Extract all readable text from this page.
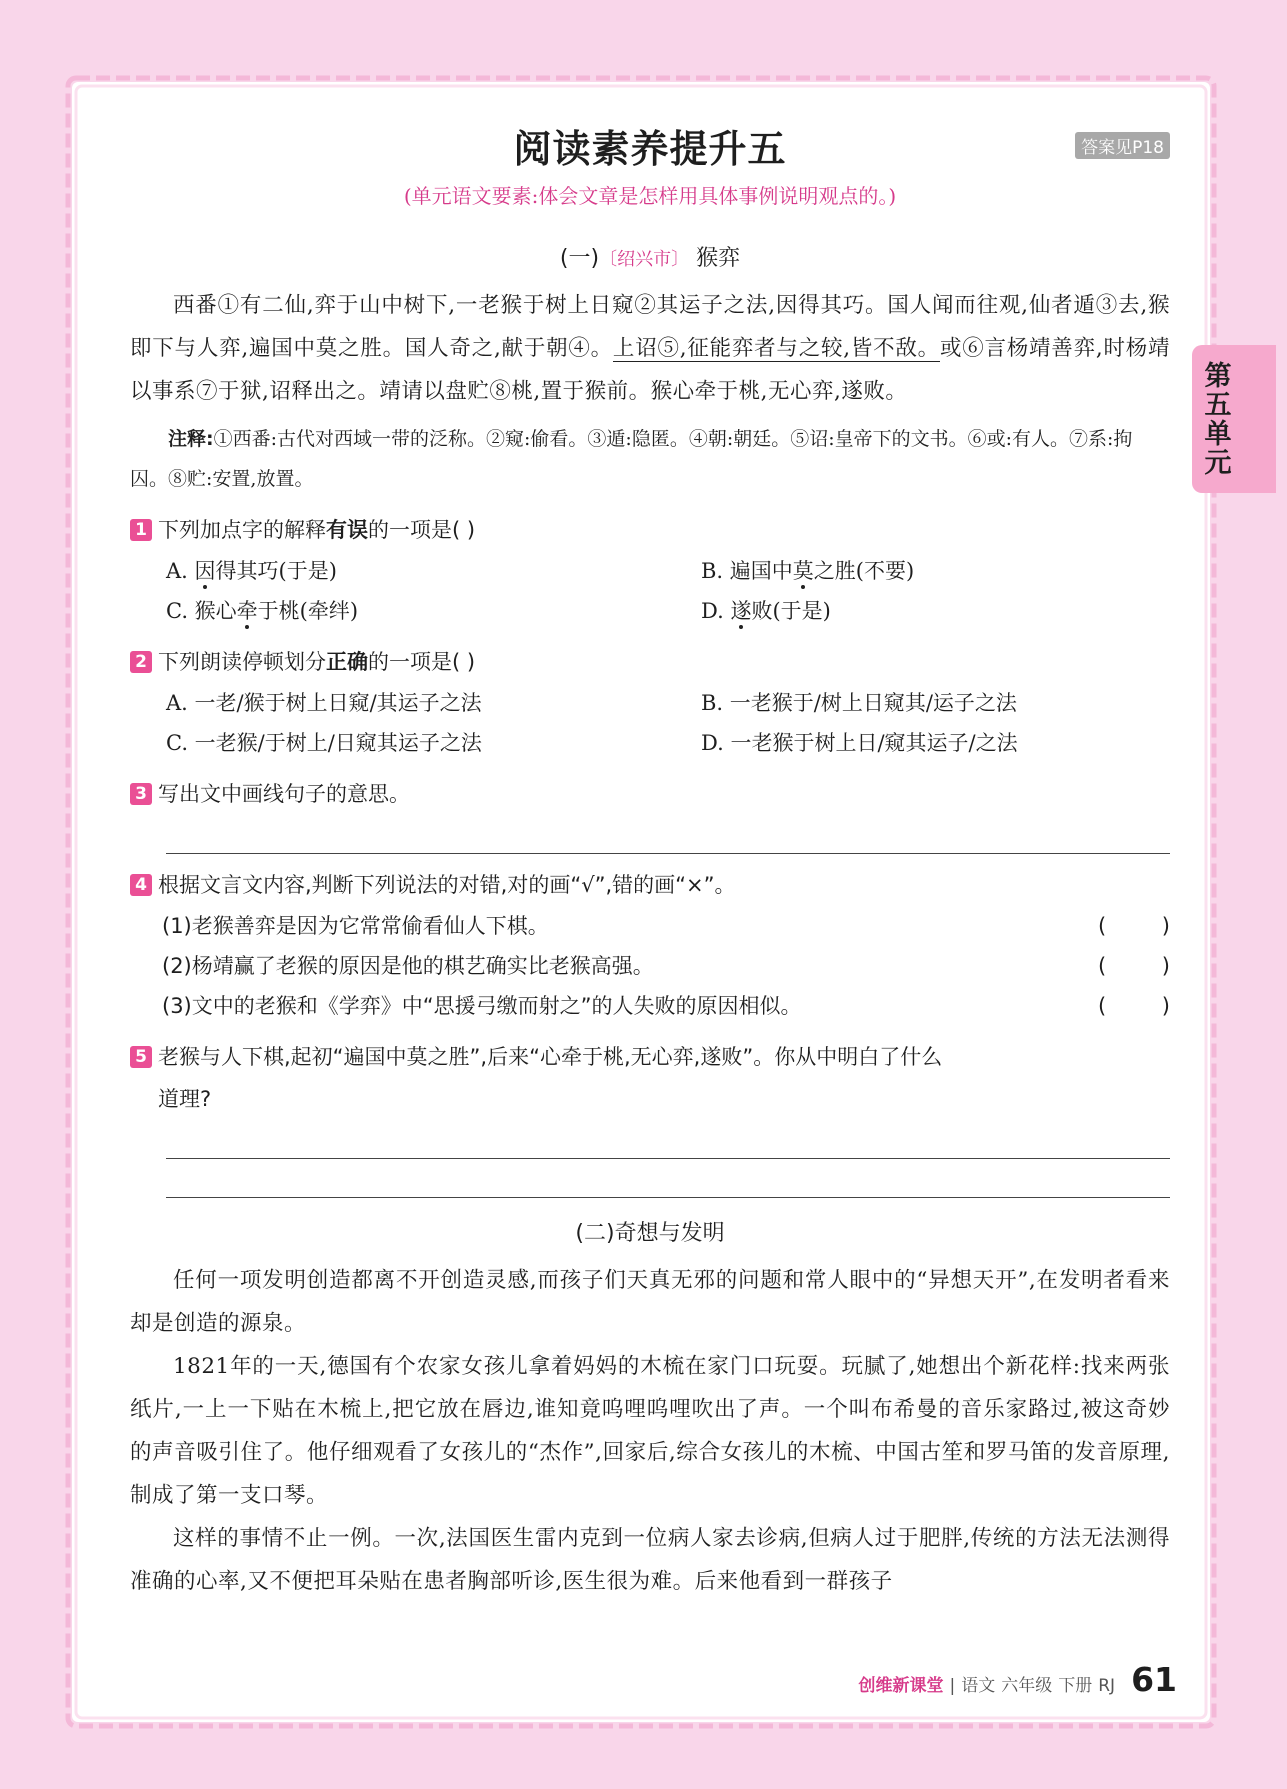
第五单元
阅读素养提升五	答案见P18
(单元语文要素:体会文章是怎样用具体事例说明观点的。)
(一)〔绍兴市〕 猴弈

西番①有二仙,弈于山中树下,一老猴于树上日窥②其运子之法,因得其巧。国人闻而往观,仙者遁③去,猴即下与人弈,遍国中莫之胜。国人奇之,献于朝④。上诏⑤,征能弈者与之较,皆不敌。或⑥言杨靖善弈,时杨靖以事系⑦于狱,诏释出之。靖请以盘贮⑧桃,置于猴前。猴心牵于桃,无心弈,遂败。

注释:①西番:古代对西域一带的泛称。②窥:偷看。③遁:隐匿。④朝:朝廷。⑤诏:皇帝下的文书。⑥或:有人。⑦系:拘囚。⑧贮:安置,放置。

1 下列加点字的解释有误的一项是( )
A. 因得其巧(于是)	B. 遍国中莫之胜(不要)
C. 猴心牵于桃(牵绊)	D. 遂败(于是)
2 下列朗读停顿划分正确的一项是( )
A. 一老/猴于树上日窥/其运子之法	B. 一老猴于/树上日窥其/运子之法
C. 一老猴/于树上/日窥其运子之法	D. 一老猴于树上日/窥其运子/之法
3 写出文中画线句子的意思。
4 根据文言文内容,判断下列说法的对错,对的画“√”,错的画“×”。
(1)老猴善弈是因为它常常偷看仙人下棋。	(	)
(2)杨靖赢了老猴的原因是他的棋艺确实比老猴高强。	(	)
(3)文中的老猴和《学弈》中“思援弓缴而射之”的人失败的原因相似。	(	)
5 老猴与人下棋,起初“遍国中莫之胜”,后来“心牵于桃,无心弈,遂败”。你从中明白了什么
道理?
(二)奇想与发明

任何一项发明创造都离不开创造灵感,而孩子们天真无邪的问题和常人眼中的“异想天开”,在发明者看来却是创造的源泉。

1821年的一天,德国有个农家女孩儿拿着妈妈的木梳在家门口玩耍。玩腻了,她想出个新花样:找来两张纸片,一上一下贴在木梳上,把它放在唇边,谁知竟呜哩呜哩吹出了声。一个叫布希曼的音乐家路过,被这奇妙的声音吸引住了。他仔细观看了女孩儿的“杰作”,回家后,综合女孩儿的木梳、中国古笙和罗马笛的发音原理,制成了第一支口琴。

这样的事情不止一例。一次,法国医生雷内克到一位病人家去诊病,但病人过于肥胖,传统的方法无法测得准确的心率,又不便把耳朵贴在患者胸部听诊,医生很为难。后来他看到一群孩子

创维新课堂 | 语文 六年级 下册 RJ 61
